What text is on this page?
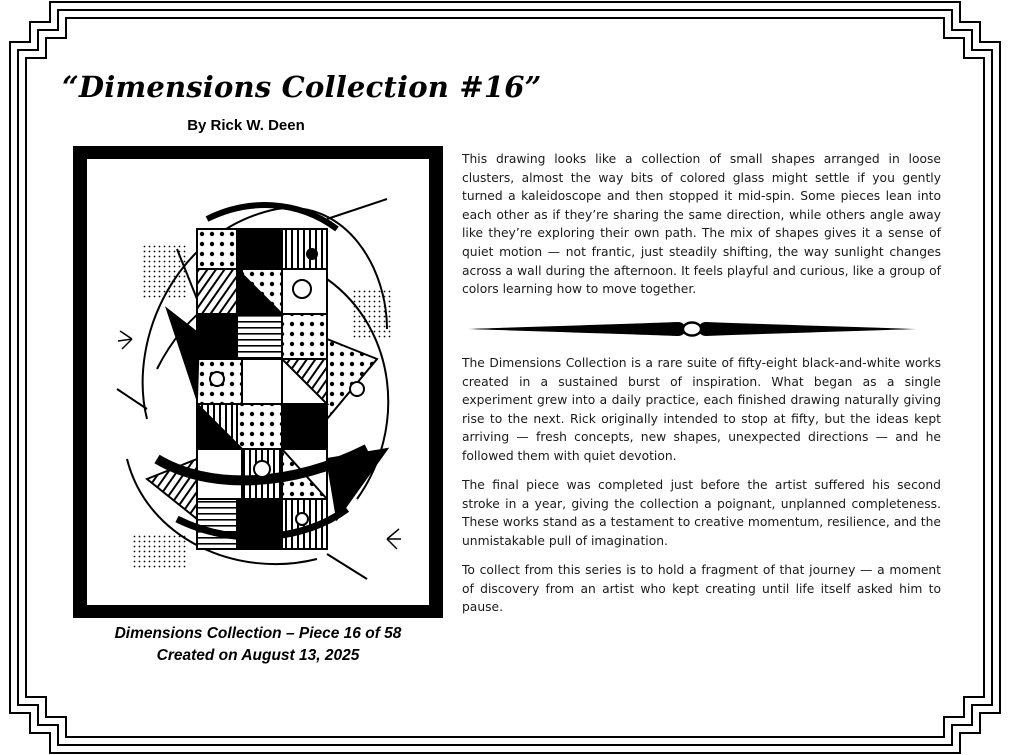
“Dimensions Collection #16”
By Rick W. Deen
Dimensions Collection – Piece 16 of 58
Created on August 13, 2025

This drawing looks like a collection of small shapes arranged in loose clusters, almost the way bits of colored glass might settle if you gently turned a kaleidoscope and then stopped it mid-spin. Some pieces lean into each other as if they’re sharing the same direction, while others angle away like they’re exploring their own path. The mix of shapes gives it a sense of quiet motion — not frantic, just steadily shifting, the way sunlight changes across a wall during the afternoon. It feels playful and curious, like a group of colors learning how to move together.

The Dimensions Collection is a rare suite of fifty-eight black-and-white works created in a sustained burst of inspiration. What began as a single experiment grew into a daily practice, each finished drawing naturally giving rise to the next. Rick originally intended to stop at fifty, but the ideas kept arriving — fresh concepts, new shapes, unexpected directions — and he followed them with quiet devotion.

The final piece was completed just before the artist suffered his second stroke in a year, giving the collection a poignant, unplanned completeness. These works stand as a testament to creative momentum, resilience, and the unmistakable pull of imagination.

To collect from this series is to hold a fragment of that journey — a moment of discovery from an artist who kept creating until life itself asked him to pause.
